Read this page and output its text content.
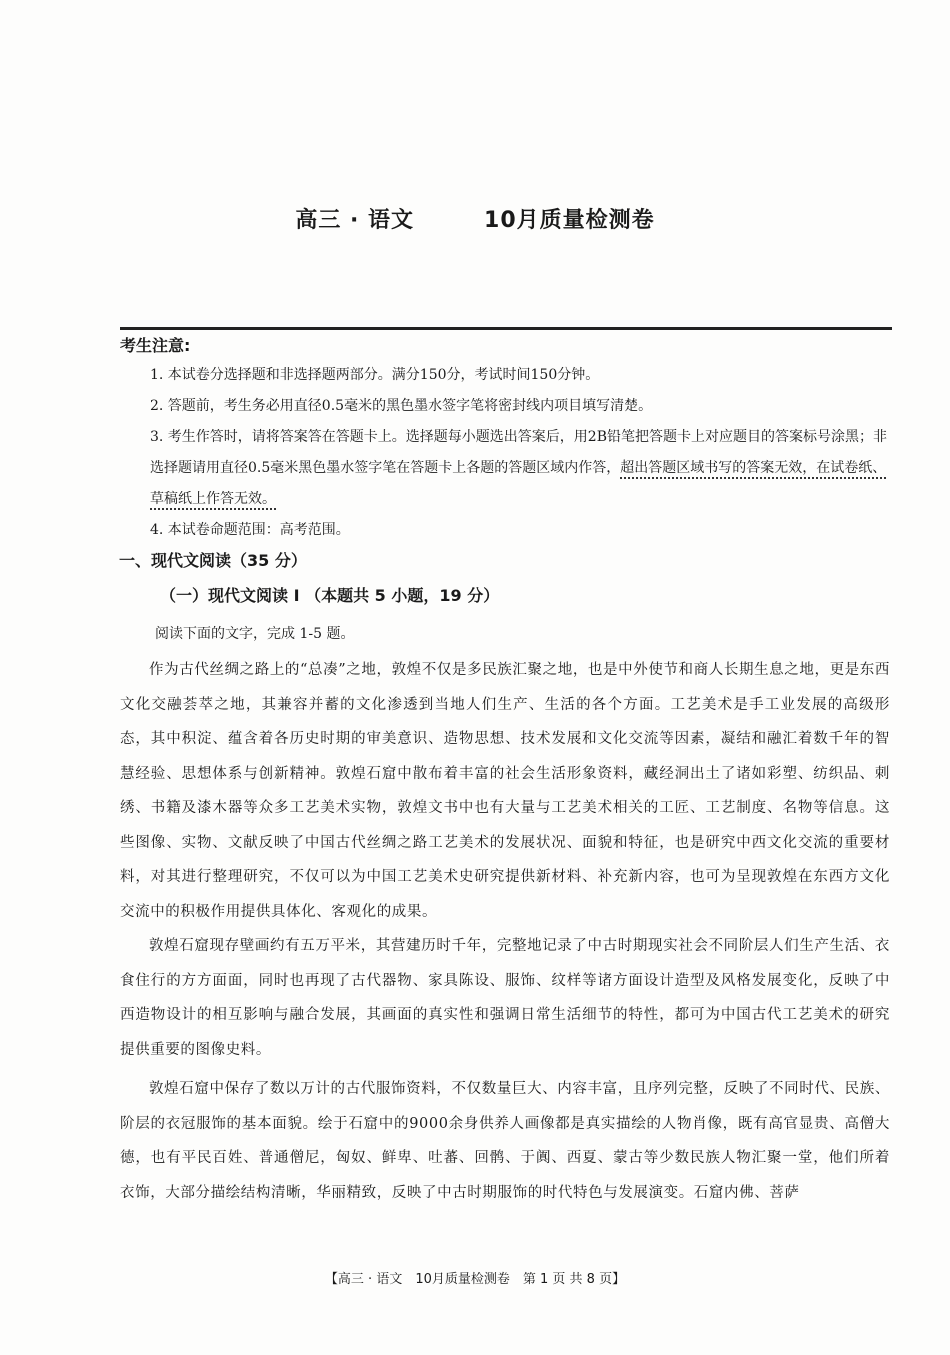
高三 · 语文	10月质量检测卷
考生注意:
1. 本试卷分选择题和非选择题两部分。满分150分，考试时间150分钟。
2. 答题前，考生务必用直径0.5毫米的黑色墨水签字笔将密封线内项目填写清楚。
3. 考生作答时，请将答案答在答题卡上。选择题每小题选出答案后，用2B铅笔把答题卡上对应题目的答案标号涂黑；非选择题请用直径0.5毫米黑色墨水签字笔在答题卡上各题的答题区域内作答，超出答题区域书写的答案无效，在试卷纸、草稿纸上作答无效。
4. 本试卷命题范围：高考范围。
一、现代文阅读（35 分）
（一）现代文阅读 I （本题共 5 小题，19 分）
阅读下面的文字，完成 1-5 题。
作为古代丝绸之路上的“总凑”之地，敦煌不仅是多民族汇聚之地，也是中外使节和商人长期生息之地，更是东西文化交融荟萃之地，其兼容并蓄的文化渗透到当地人们生产、生活的各个方面。工艺美术是手工业发展的高级形态，其中积淀、蕴含着各历史时期的审美意识、造物思想、技术发展和文化交流等因素，凝结和融汇着数千年的智慧经验、思想体系与创新精神。敦煌石窟中散布着丰富的社会生活形象资料，藏经洞出土了诸如彩塑、纺织品、刺绣、书籍及漆木器等众多工艺美术实物，敦煌文书中也有大量与工艺美术相关的工匠、工艺制度、名物等信息。这些图像、实物、文献反映了中国古代丝绸之路工艺美术的发展状况、面貌和特征，也是研究中西文化交流的重要材料，对其进行整理研究，不仅可以为中国工艺美术史研究提供新材料、补充新内容，也可为呈现敦煌在东西方文化交流中的积极作用提供具体化、客观化的成果。
敦煌石窟现存壁画约有五万平米，其营建历时千年，完整地记录了中古时期现实社会不同阶层人们生产生活、衣食住行的方方面面，同时也再现了古代器物、家具陈设、服饰、纹样等诸方面设计造型及风格发展变化，反映了中西造物设计的相互影响与融合发展，其画面的真实性和强调日常生活细节的特性，都可为中国古代工艺美术的研究提供重要的图像史料。
敦煌石窟中保存了数以万计的古代服饰资料，不仅数量巨大、内容丰富，且序列完整，反映了不同时代、民族、阶层的衣冠服饰的基本面貌。绘于石窟中的9000余身供养人画像都是真实描绘的人物肖像，既有高官显贵、高僧大德，也有平民百姓、普通僧尼，匈奴、鲜卑、吐蕃、回鹘、于阗、西夏、蒙古等少数民族人物汇聚一堂，他们所着衣饰，大部分描绘结构清晰，华丽精致，反映了中古时期服饰的时代特色与发展演变。石窟内佛、菩萨
【高三 · 语文　10月质量检测卷　第 1 页 共 8 页】
